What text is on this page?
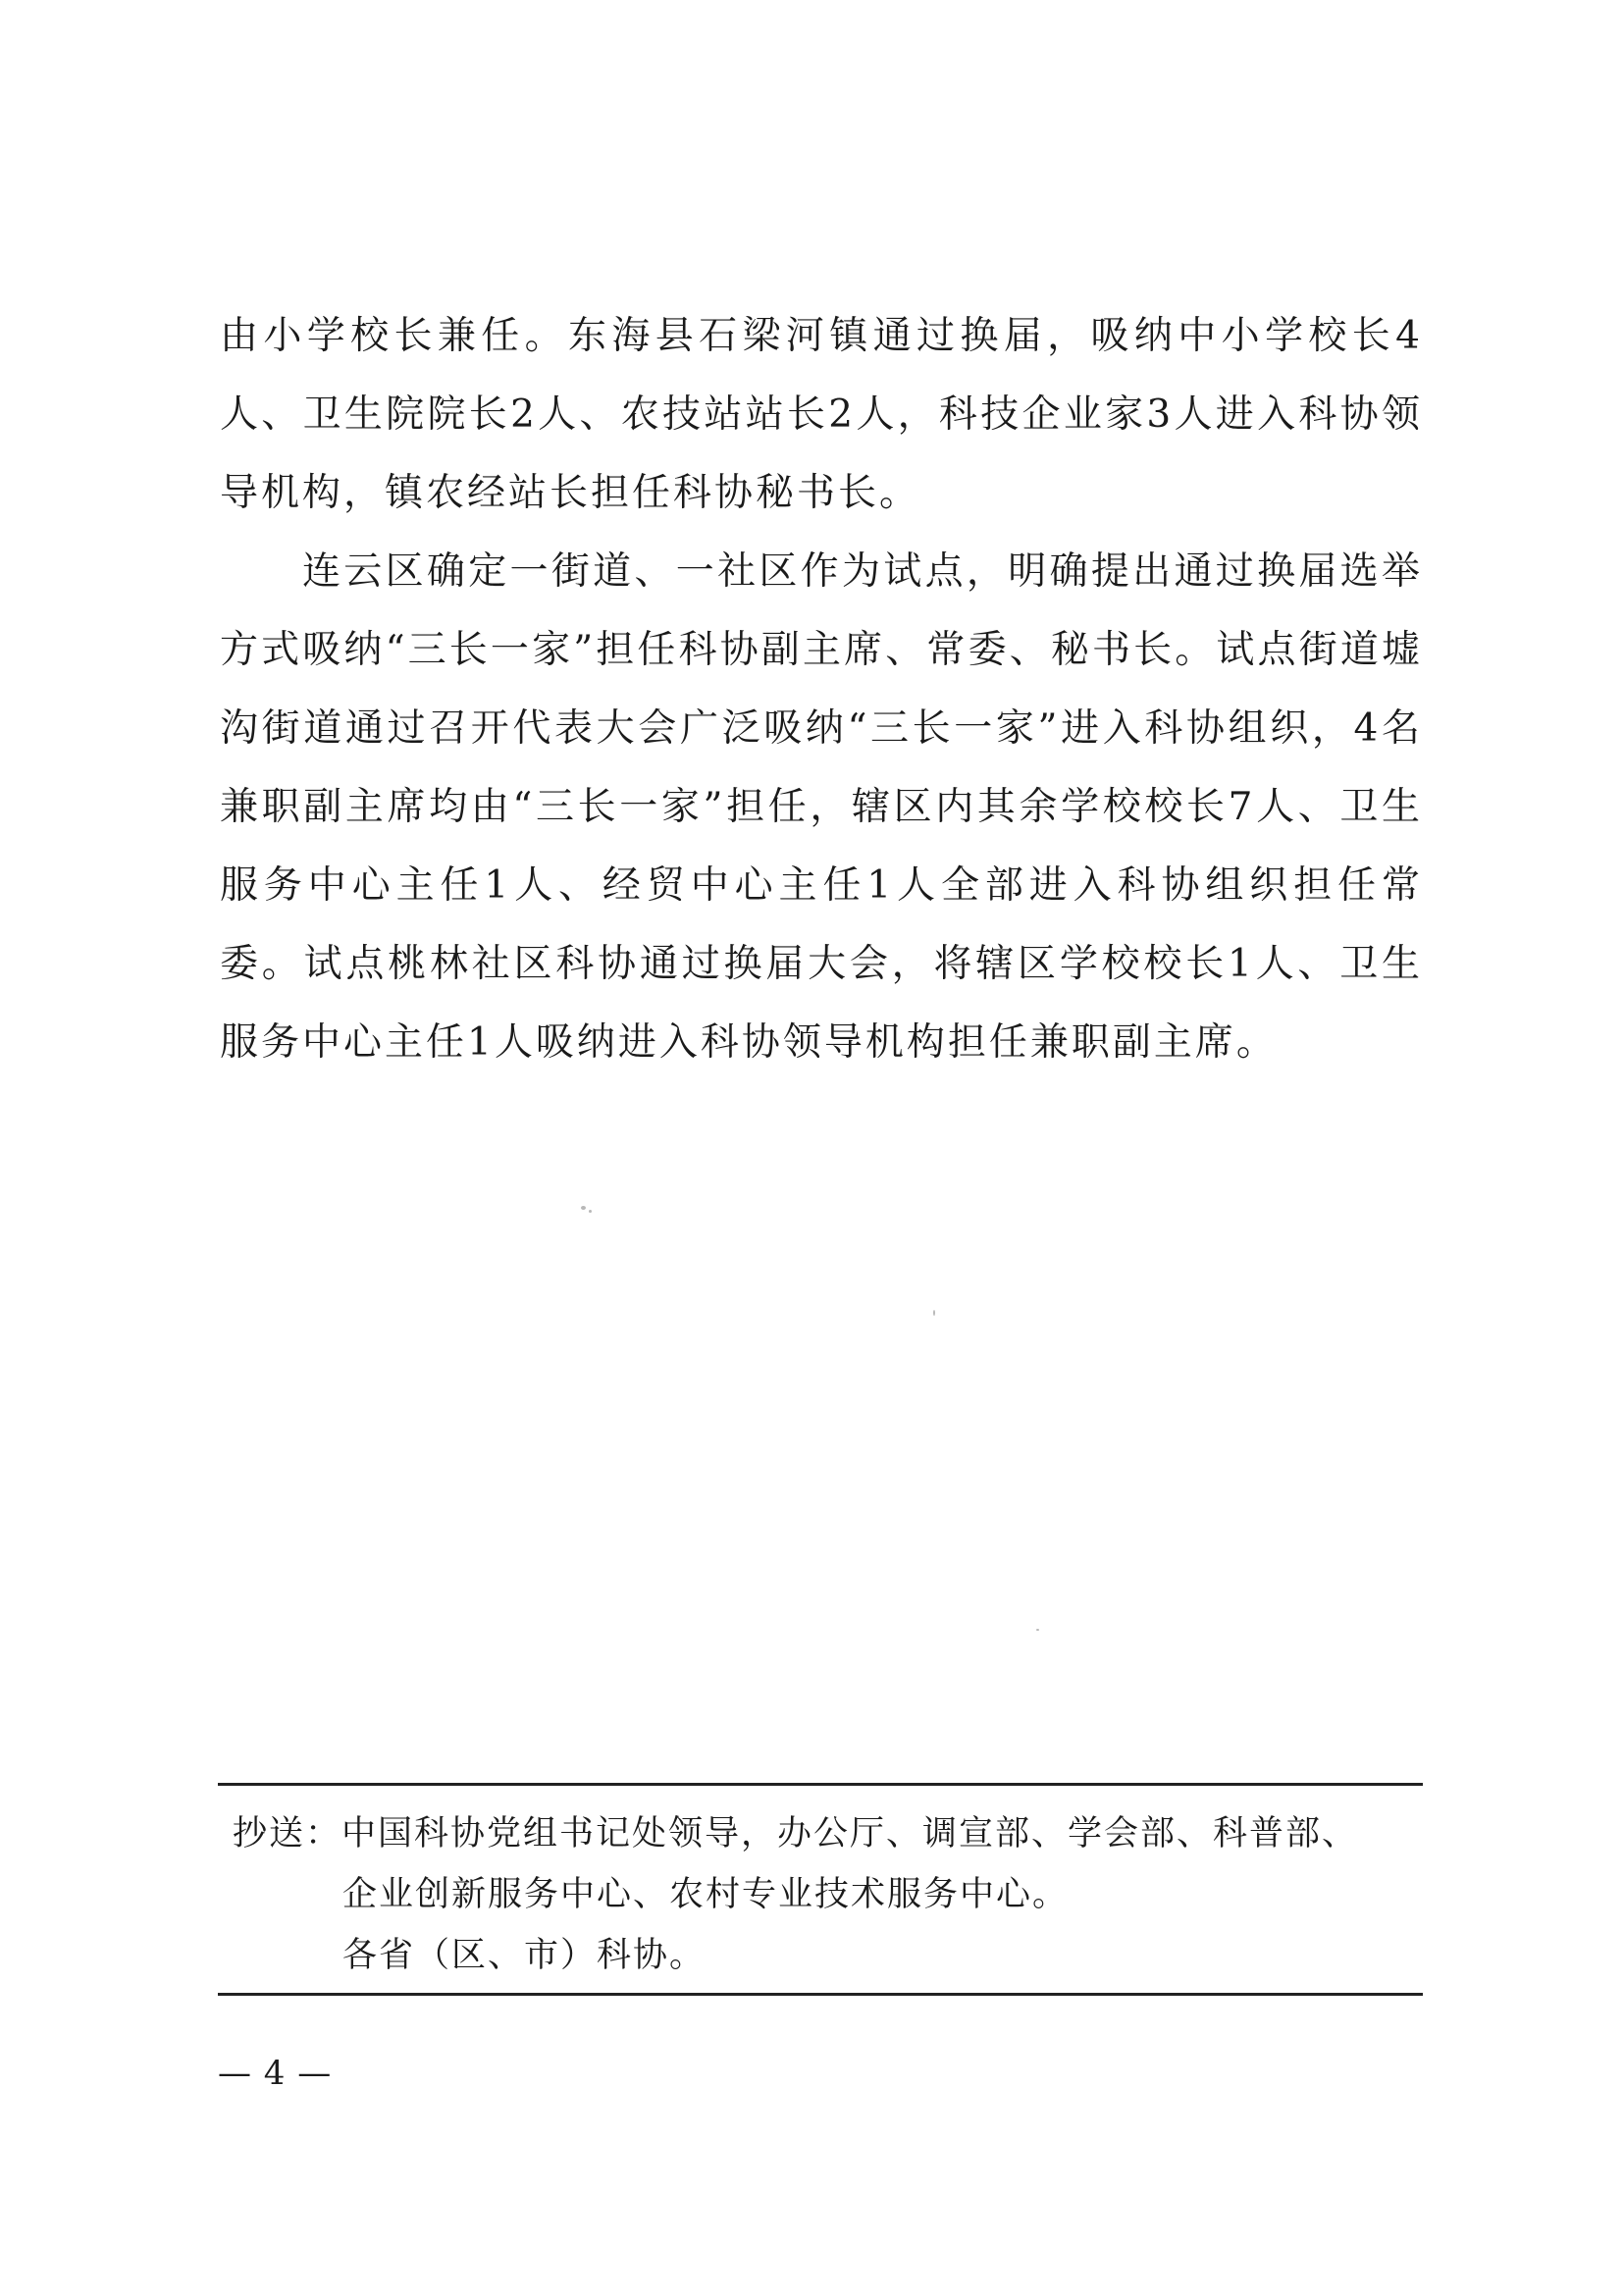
由小学校长兼任。东海县石梁河镇通过换届，吸纳中小学校长4人、卫生院院长2人、农技站站长2人，科技企业家3人进入科协领导机构，镇农经站长担任科协秘书长。

连云区确定一街道、一社区作为试点，明确提出通过换届选举方式吸纳“三长一家”担任科协副主席、常委、秘书长。试点街道墟沟街道通过召开代表大会广泛吸纳“三长一家”进入科协组织，4名兼职副主席均由“三长一家”担任，辖区内其余学校校长7人、卫生服务中心主任1人、经贸中心主任1人全部进入科协组织担任常委。试点桃林社区科协通过换届大会，将辖区学校校长1人、卫生服务中心主任1人吸纳进入科协领导机构担任兼职副主席。

抄送：中国科协党组书记处领导，办公厅、调宣部、学会部、科普部、
企业创新服务中心、农村专业技术服务中心。
各省（区、市）科协。
— 4 —
